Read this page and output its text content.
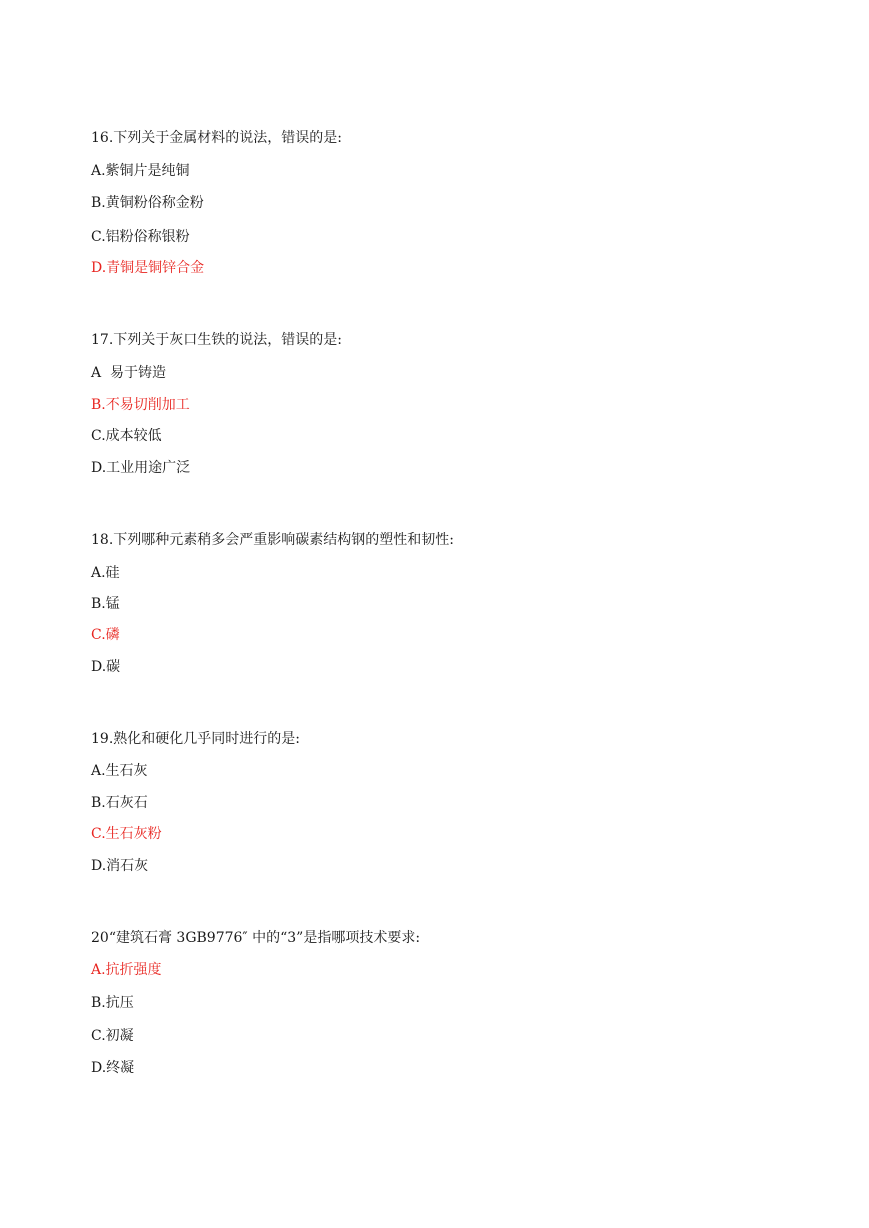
16.下列关于金属材料的说法，错误的是:
A.紫铜片是纯铜
B.黄铜粉俗称金粉
C.铝粉俗称银粉
D.青铜是铜锌合金
17.下列关于灰口生铁的说法，错误的是:
A  易于铸造
B.不易切削加工
C.成本较低
D.工业用途广泛
18.下列哪种元素稍多会严重影响碳素结构钢的塑性和韧性:
A.硅
B.锰
C.磷
D.碳
19.熟化和硬化几乎同时进行的是:
A.生石灰
B.石灰石
C.生石灰粉
D.消石灰
20“建筑石膏 3GB9776″ 中的“3”是指哪项技术要求:
A.抗折强度
B.抗压
C.初凝
D.终凝
